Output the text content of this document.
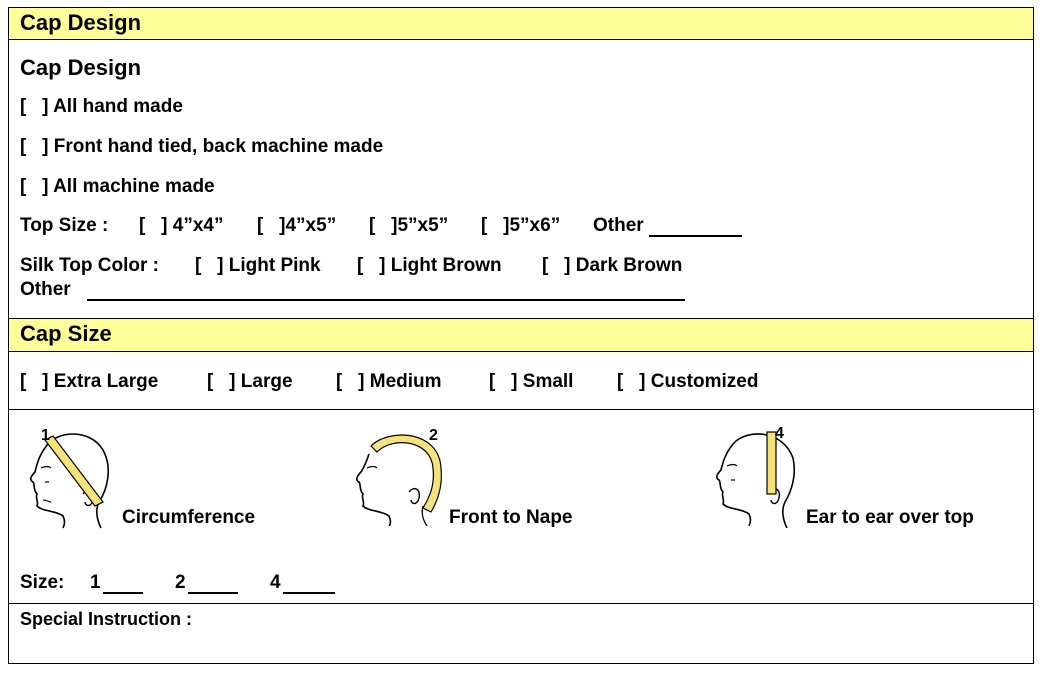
Cap Design
Cap Design
[   ] All hand made
[   ] Front hand tied, back machine made
[   ] All machine made
Top Size : [   ] 4”x4” [   ]4”x5” [   ]5”x5” [   ]5”x6” Other
Silk Top Color : [   ] Light Pink [   ] Light Brown [   ] Dark Brown
Other
Cap Size
[   ] Extra Large	[   ] Large [   ] Medium [   ] Small [   ] Customized
1
Circumference
2
Front to Nape
4
Ear to ear over top
Size: 1	2	4
Special Instruction :
